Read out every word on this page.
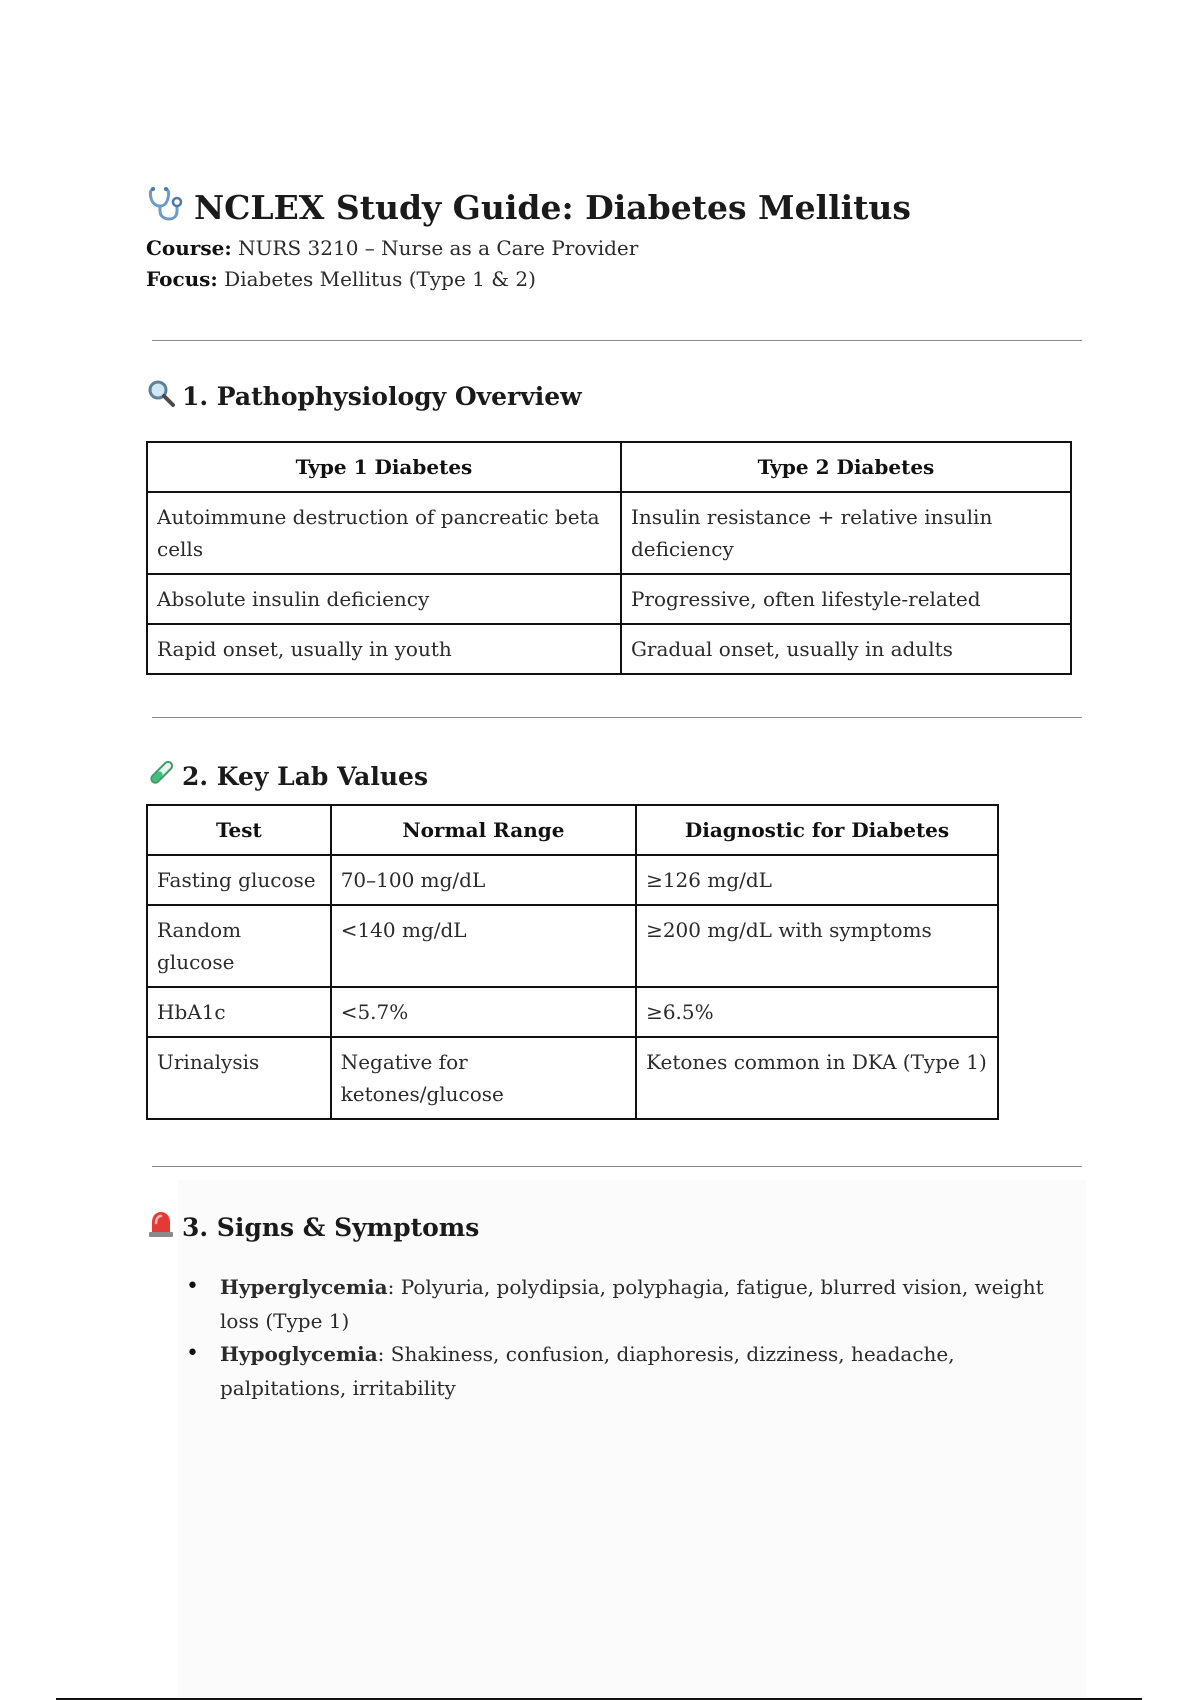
NCLEX Study Guide: Diabetes Mellitus
Course: NURS 3210 – Nurse as a Care Provider
Focus: Diabetes Mellitus (Type 1 & 2)
1. Pathophysiology Overview
Type 1 Diabetes	Type 2 Diabetes
Autoimmune destruction of pancreatic beta cells	Insulin resistance + relative insulin deficiency
Absolute insulin deficiency	Progressive, often lifestyle-related
Rapid onset, usually in youth	Gradual onset, usually in adults
2. Key Lab Values
Test	Normal Range	Diagnostic for Diabetes
Fasting glucose	70–100 mg/dL	≥126 mg/dL
Random glucose	<140 mg/dL	≥200 mg/dL with symptoms
HbA1c	<5.7%	≥6.5%
Urinalysis	Negative for ketones/glucose	Ketones common in DKA (Type 1)
3. Signs & Symptoms
• Hyperglycemia: Polyuria, polydipsia, polyphagia, fatigue, blurred vision, weight loss (Type 1)
• Hypoglycemia: Shakiness, confusion, diaphoresis, dizziness, headache, palpitations, irritability
